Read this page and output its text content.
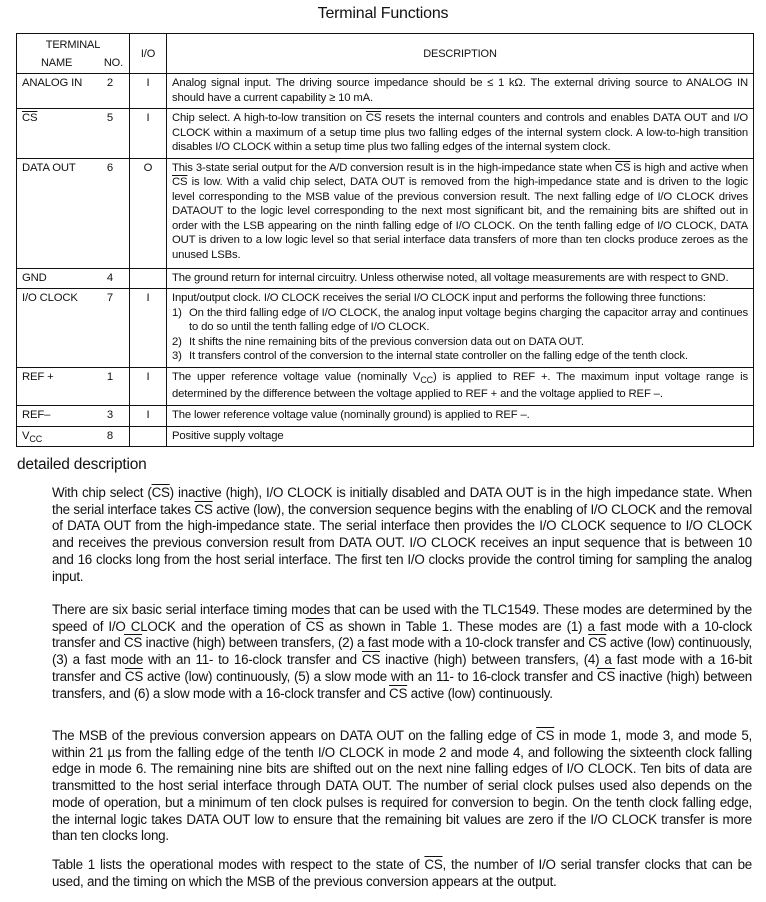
Terminal Functions
TERMINAL
NAME NO.	I/O	DESCRIPTION

ANALOG IN 2	I	Analog signal input. The driving source impedance should be ≤ 1 kΩ. The external driving source to ANALOG IN should have a current capability ≥ 10 mA.

$\overline{CS}$ 5	I	Chip select. A high-to-low transition on $\overline{CS}$ resets the internal counters and controls and enables DATA OUT and I/O CLOCK within a maximum of a setup time plus two falling edges of the internal system clock. A low-to-high transition disables I/O CLOCK within a setup time plus two falling edges of the internal system clock.

DATA OUT 6	O	This 3-state serial output for the A/D conversion result is in the high-impedance state when $\overline{CS}$ is high and active when $\overline{CS}$ is low. With a valid chip select, DATA OUT is removed from the high-impedance state and is driven to the logic level corresponding to the MSB value of the previous conversion result. The next falling edge of I/O CLOCK drives DATAOUT to the logic level corresponding to the next most significant bit, and the remaining bits are shifted out in order with the LSB appearing on the ninth falling edge of I/O CLOCK. On the tenth falling edge of I/O CLOCK, DATA OUT is driven to a low logic level so that serial interface data transfers of more than ten clocks produce zeroes as the unused LSBs.

GND 4		The ground return for internal circuitry. Unless otherwise noted, all voltage measurements are with respect to GND.

I/O CLOCK	7	I	Input/output clock. I/O CLOCK receives the serial I/O CLOCK input and performs the following three functions:
1) On the third falling edge of I/O CLOCK, the analog input voltage begins charging the capacitor array and continues to do so until the tenth falling edge of I/O CLOCK.
2) It shifts the nine remaining bits of the previous conversion data out on DATA OUT.
3) It transfers control of the conversion to the internal state controller on the falling edge of the tenth clock.

REF + 1	I	The upper reference voltage value (nominally $V_{CC}$) is applied to REF +. The maximum input voltage range is determined by the difference between the voltage applied to REF + and the voltage applied to REF –.

REF– 3	I	The lower reference voltage value (nominally ground) is applied to REF –.

$V_{CC}$ 8		Positive supply voltage
detailed description

With chip select $(\overline{CS})$ inactive (high), I/O CLOCK is initially disabled and DATA OUT is in the high impedance state. When the serial interface takes $\overline{CS}$ active (low), the conversion sequence begins with the enabling of I/O CLOCK and the removal of DATA OUT from the high-impedance state. The serial interface then provides the I/O CLOCK sequence to I/O CLOCK and receives the previous conversion result from DATA OUT. I/O CLOCK receives an input sequence that is between 10 and 16 clocks long from the host serial interface. The first ten I/O clocks provide the control timing for sampling the analog input.

There are six basic serial interface timing modes that can be used with the TLC1549. These modes are determined by the speed of I/O CLOCK and the operation of $\overline{CS}$ as shown in Table 1. These modes are (1) a fast mode with a 10-clock transfer and $\overline{CS}$ inactive (high) between transfers, (2) a fast mode with a 10-clock transfer and $\overline{CS}$ active (low) continuously, (3) a fast mode with an 11- to 16-clock transfer and $\overline{CS}$ inactive (high) between transfers, (4) a fast mode with a 16-bit transfer and $\overline{CS}$ active (low) continuously, (5) a slow mode with an 11- to 16-clock transfer and $\overline{CS}$ inactive (high) between transfers, and (6) a slow mode with a 16-clock transfer and $\overline{CS}$ active (low) continuously.

The MSB of the previous conversion appears on DATA OUT on the falling edge of $\overline{CS}$ in mode 1, mode 3, and mode 5, within 21 µs from the falling edge of the tenth I/O CLOCK in mode 2 and mode 4, and following the sixteenth clock falling edge in mode 6. The remaining nine bits are shifted out on the next nine falling edges of I/O CLOCK. Ten bits of data are transmitted to the host serial interface through DATA OUT. The number of serial clock pulses used also depends on the mode of operation, but a minimum of ten clock pulses is required for conversion to begin. On the tenth clock falling edge, the internal logic takes DATA OUT low to ensure that the remaining bit values are zero if the I/O CLOCK transfer is more than ten clocks long.

Table 1 lists the operational modes with respect to the state of $\overline{CS}$, the number of I/O serial transfer clocks that can be used, and the timing on which the MSB of the previous conversion appears at the output.
